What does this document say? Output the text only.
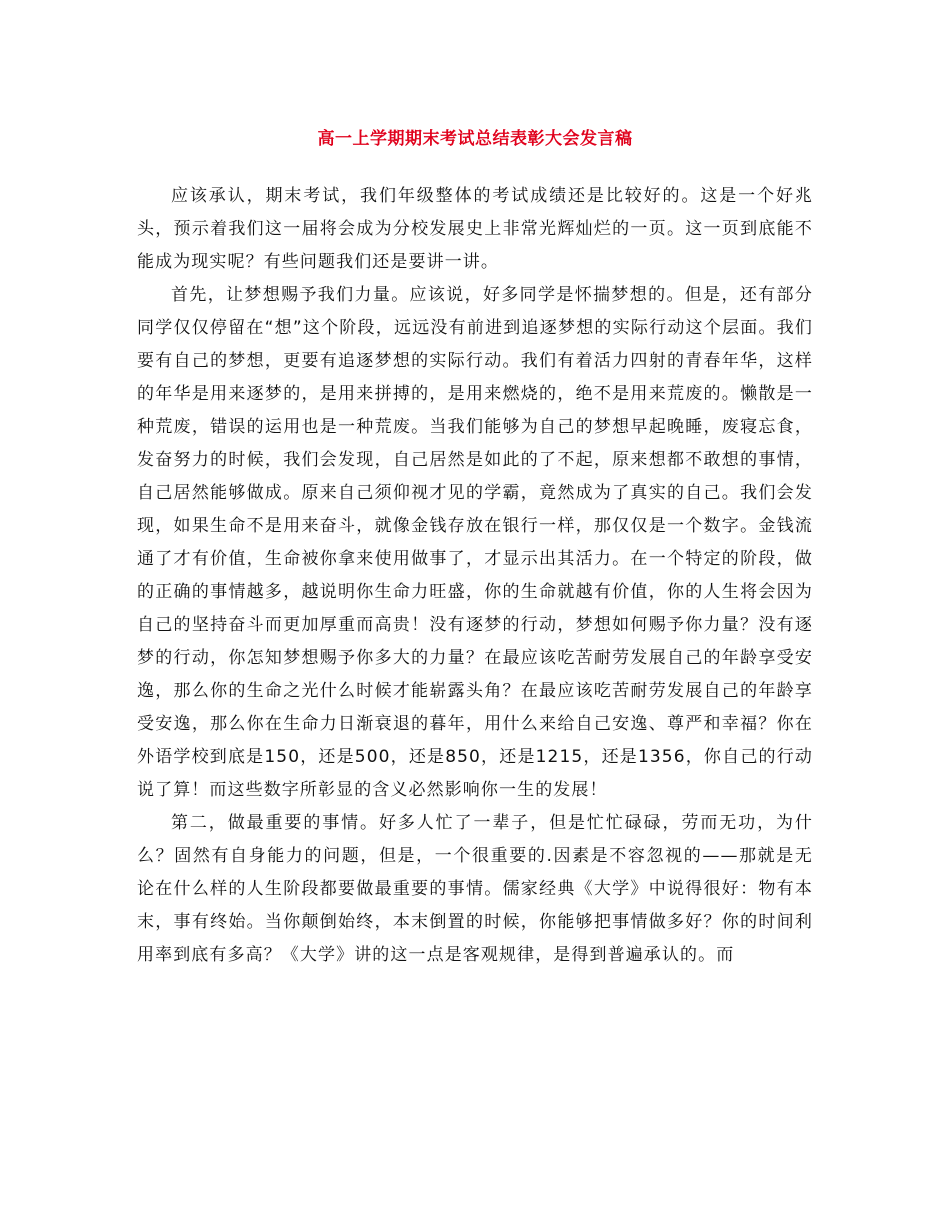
高一上学期期末考试总结表彰大会发言稿

应该承认，期末考试，我们年级整体的考试成绩还是比较好的。这是一个好兆头，预示着我们这一届将会成为分校发展史上非常光辉灿烂的一页。这一页到底能不能成为现实呢？有些问题我们还是要讲一讲。

首先，让梦想赐予我们力量。应该说，好多同学是怀揣梦想的。但是，还有部分同学仅仅停留在“想”这个阶段，远远没有前进到追逐梦想的实际行动这个层面。我们要有自己的梦想，更要有追逐梦想的实际行动。我们有着活力四射的青春年华，这样的年华是用来逐梦的，是用来拼搏的，是用来燃烧的，绝不是用来荒废的。懒散是一种荒废，错误的运用也是一种荒废。当我们能够为自己的梦想早起晚睡，废寝忘食，发奋努力的时候，我们会发现，自己居然是如此的了不起，原来想都不敢想的事情，自己居然能够做成。原来自己须仰视才见的学霸，竟然成为了真实的自己。我们会发现，如果生命不是用来奋斗，就像金钱存放在银行一样，那仅仅是一个数字。金钱流通了才有价值，生命被你拿来使用做事了，才显示出其活力。在一个特定的阶段，做的正确的事情越多，越说明你生命力旺盛，你的生命就越有价值，你的人生将会因为自己的坚持奋斗而更加厚重而高贵！没有逐梦的行动，梦想如何赐予你力量？没有逐梦的行动，你怎知梦想赐予你多大的力量？在最应该吃苦耐劳发展自己的年龄享受安逸，那么你的生命之光什么时候才能崭露头角？在最应该吃苦耐劳发展自己的年龄享受安逸，那么你在生命力日渐衰退的暮年，用什么来给自己安逸、尊严和幸福？你在外语学校到底是150，还是500，还是850，还是1215，还是1356，你自己的行动说了算！而这些数字所彰显的含义必然影响你一生的发展！

第二，做最重要的事情。好多人忙了一辈子，但是忙忙碌碌，劳而无功，为什么？固然有自身能力的问题，但是，一个很重要的.因素是不容忽视的——那就是无论在什么样的人生阶段都要做最重要的事情。儒家经典《大学》中说得很好：物有本末，事有终始。当你颠倒始终，本末倒置的时候，你能够把事情做多好？你的时间利用率到底有多高？《大学》讲的这一点是客观规律，是得到普遍承认的。而
